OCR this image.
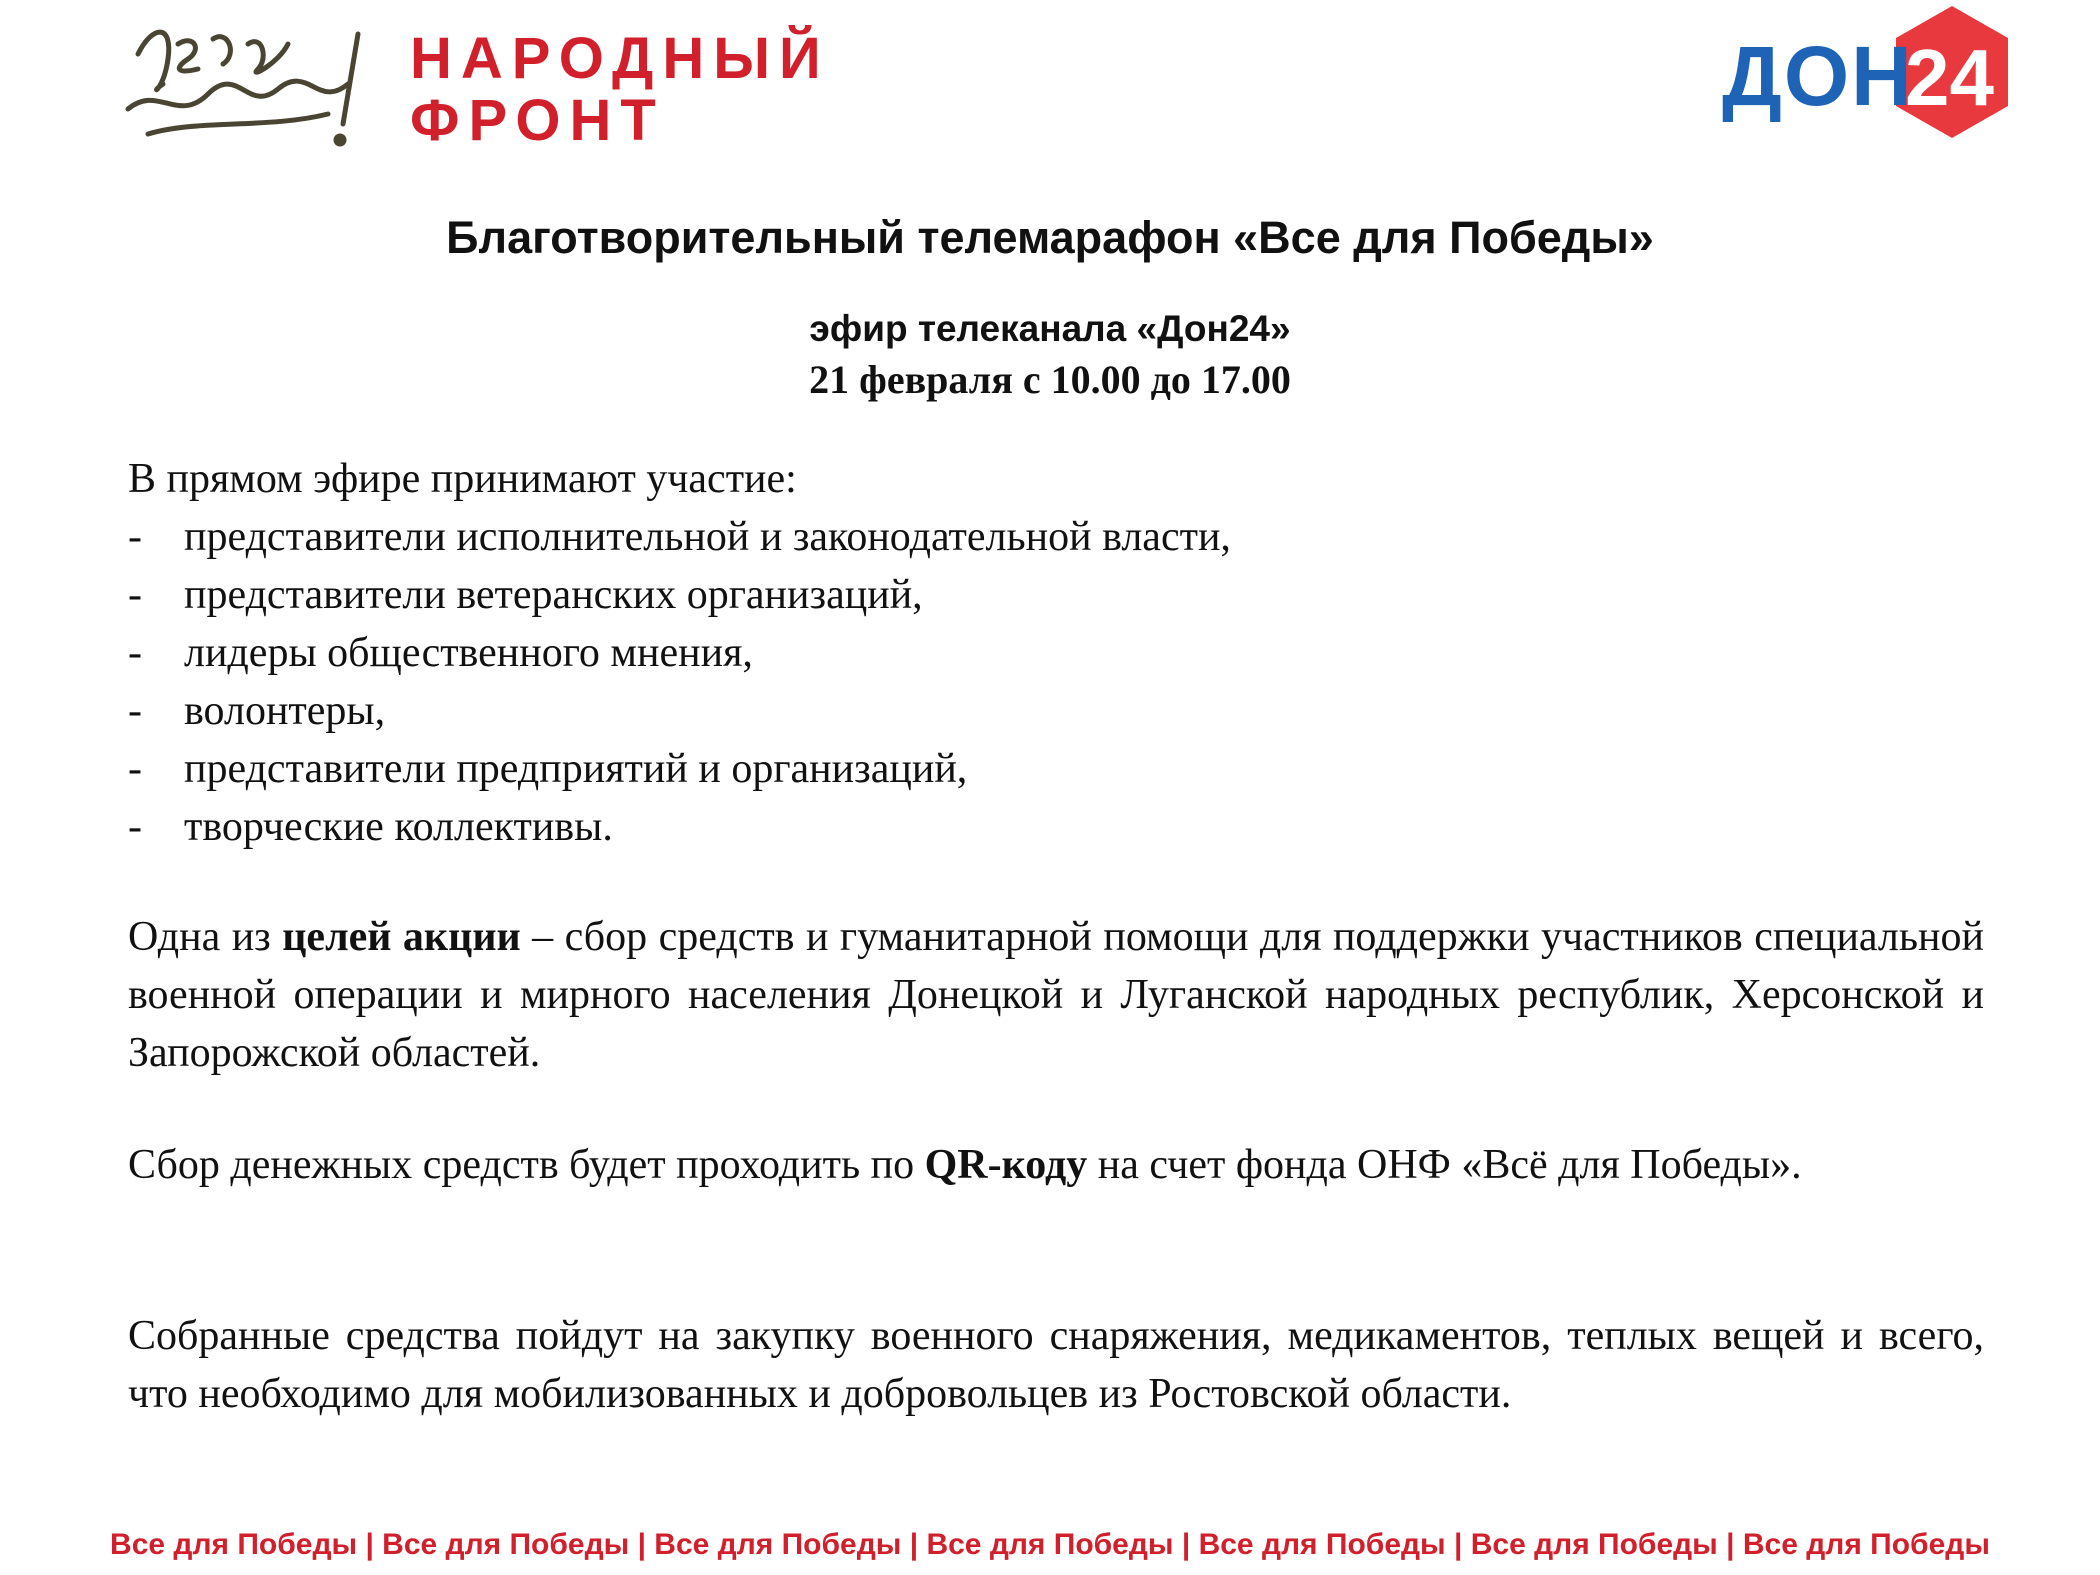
НАРОДНЫЙ
ФРОНТ	ДОН
24
Благотворительный телемарафон «Все для Победы»
эфир телеканала «Дон24»
21 февраля с 10.00 до 17.00
В прямом эфире принимают участие:
- представители исполнительной и законодательной власти,
- представители ветеранских организаций,
- лидеры общественного мнения,
- волонтеры,
- представители предприятий и организаций,
- творческие коллективы.

Одна из целей акции – сбор средств и гуманитарной помощи для поддержки участников специальной военной операции и мирного населения Донецкой и Луганской народных республик, Херсонской и Запорожской областей.

Сбор денежных средств будет проходить по QR-коду на счет фонда ОНФ «Всё для Победы».

Собранные средства пойдут на закупку военного снаряжения, медикаментов, теплых вещей и всего, что необходимо для мобилизованных и добровольцев из Ростовской области.

Все для Победы | Все для Победы | Все для Победы | Все для Победы | Все для Победы | Все для Победы | Все для Победы
